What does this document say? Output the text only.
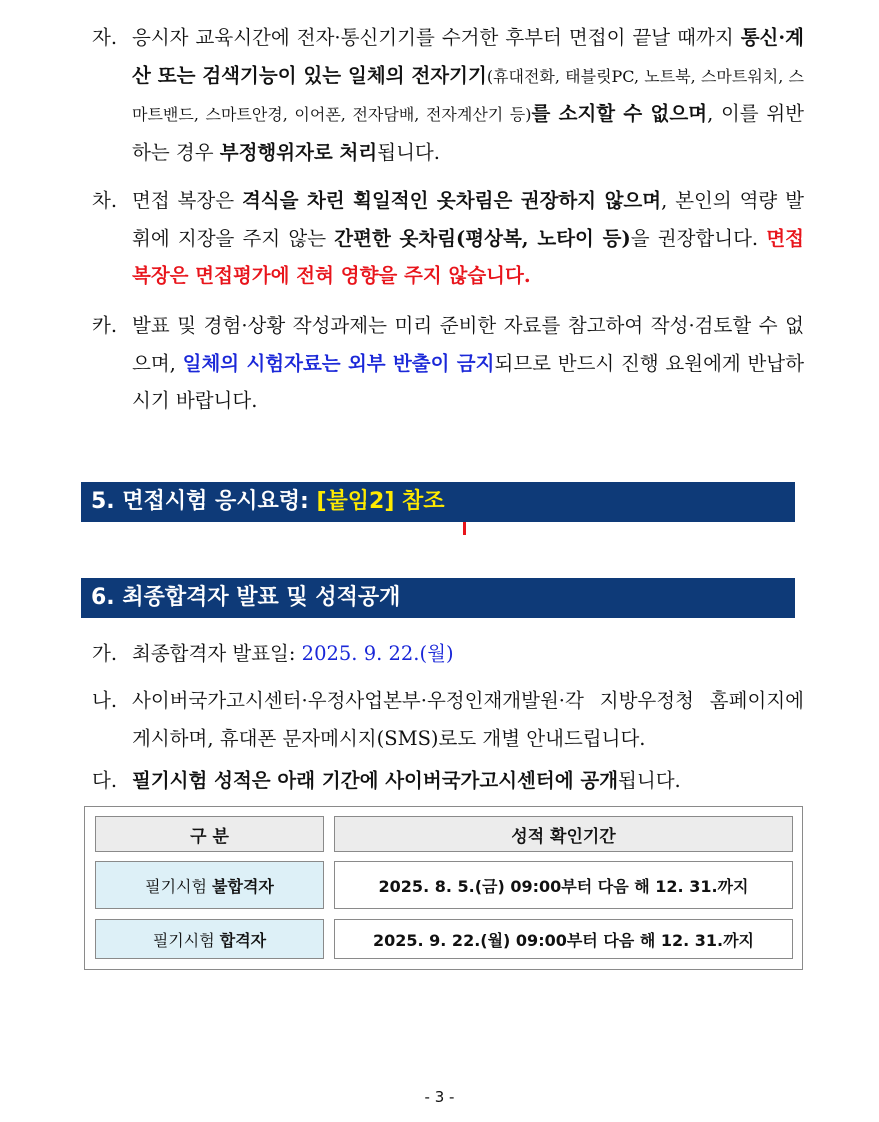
자. 응시자 교육시간에 전자·통신기기를 수거한 후부터 면접이 끝날 때까지 통신·계산 또는 검색기능이 있는 일체의 전자기기(휴대전화, 태블릿PC, 노트북, 스마트워치, 스마트밴드, 스마트안경, 이어폰, 전자담배, 전자계산기 등)를 소지할 수 없으며, 이를 위반하는 경우 부정행위자로 처리됩니다.
차. 면접 복장은 격식을 차린 획일적인 옷차림은 권장하지 않으며, 본인의 역량 발휘에 지장을 주지 않는 간편한 옷차림(평상복, 노타이 등)을 권장합니다. 면접복장은 면접평가에 전혀 영향을 주지 않습니다.
카. 발표 및 경험·상황 작성과제는 미리 준비한 자료를 참고하여 작성·검토할 수 없으며, 일체의 시험자료는 외부 반출이 금지되므로 반드시 진행 요원에게 반납하시기 바랍니다.
5. 면접시험 응시요령: [붙임2] 참조
6. 최종합격자 발표 및 성적공개
가. 최종합격자 발표일: 2025. 9. 22.(월)
나. 사이버국가고시센터·우정사업본부·우정인재개발원·각 지방우정청 홈페이지에 게시하며, 휴대폰 문자메시지(SMS)로도 개별 안내드립니다.
다. 필기시험 성적은 아래 기간에 사이버국가고시센터에 공개됩니다.
구 분	성적 확인기간
필기시험 불합격자	2025. 8. 5.(금) 09:00부터 다음 해 12. 31.까지
필기시험 합격자	2025. 9. 22.(월) 09:00부터 다음 해 12. 31.까지
- 3 -
